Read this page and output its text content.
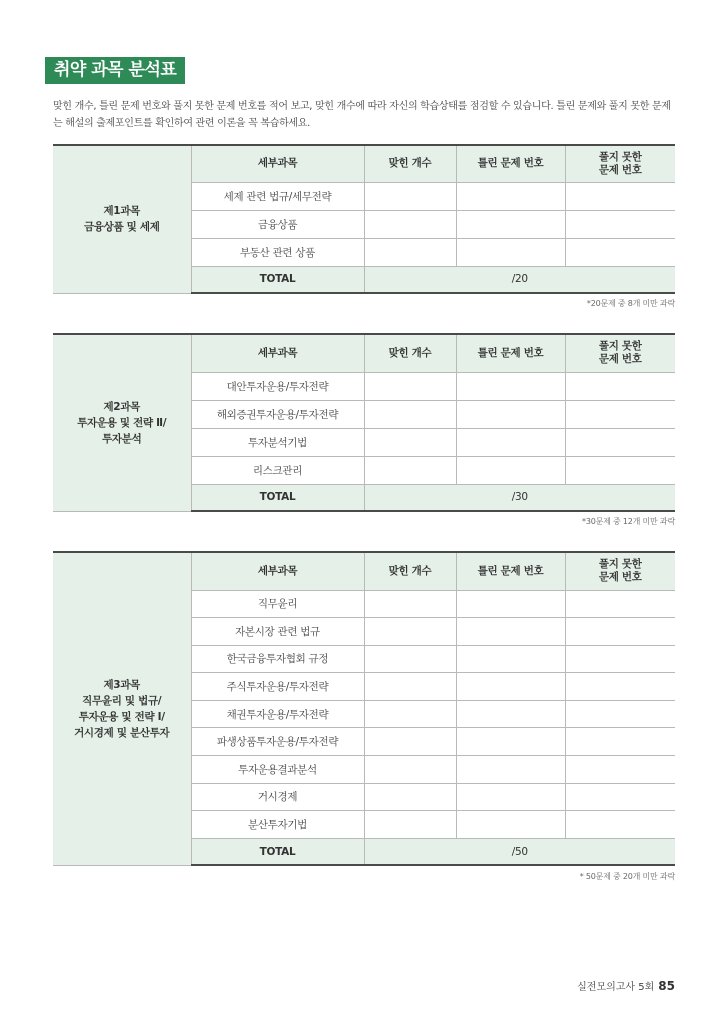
취약 과목 분석표

맞힌 개수, 틀린 문제 번호와 풀지 못한 문제 번호를 적어 보고, 맞힌 개수에 따라 자신의 학습상태를 점검할 수 있습니다. 틀린 문제와 풀지 못한 문제는 해설의 출제포인트를 확인하여 관련 이론을 꼭 복습하세요.

제1과목
금융상품 및 세제	세부과목	맞힌 개수	틀린 문제 번호	풀지 못한
문제 번호
	세제 관련 법규/세무전략			
	금융상품			
	부동산 관련 상품			
	TOTAL	/20		
*20문제 중 8개 미만 과락
제2과목
투자운용 및 전략 Ⅱ/
투자분석	세부과목	맞힌 개수	틀린 문제 번호	풀지 못한
문제 번호
	대안투자운용/투자전략			
	해외증권투자운용/투자전략			
	투자분석기법			
	리스크관리			
	TOTAL	/30		
*30문제 중 12개 미만 과락
제3과목
직무윤리 및 법규/
투자운용 및 전략 Ⅰ/
거시경제 및 분산투자	세부과목	맞힌 개수	틀린 문제 번호	풀지 못한
문제 번호
	직무윤리			
	자본시장 관련 법규			
	한국금융투자협회 규정			
	주식투자운용/투자전략			
	채권투자운용/투자전략			
	파생상품투자운용/투자전략			
	투자운용결과분석			
	거시경제			
	분산투자기법			
	TOTAL	/50		
* 50문제 중 20개 미만 과락
실전모의고사 5회 85
